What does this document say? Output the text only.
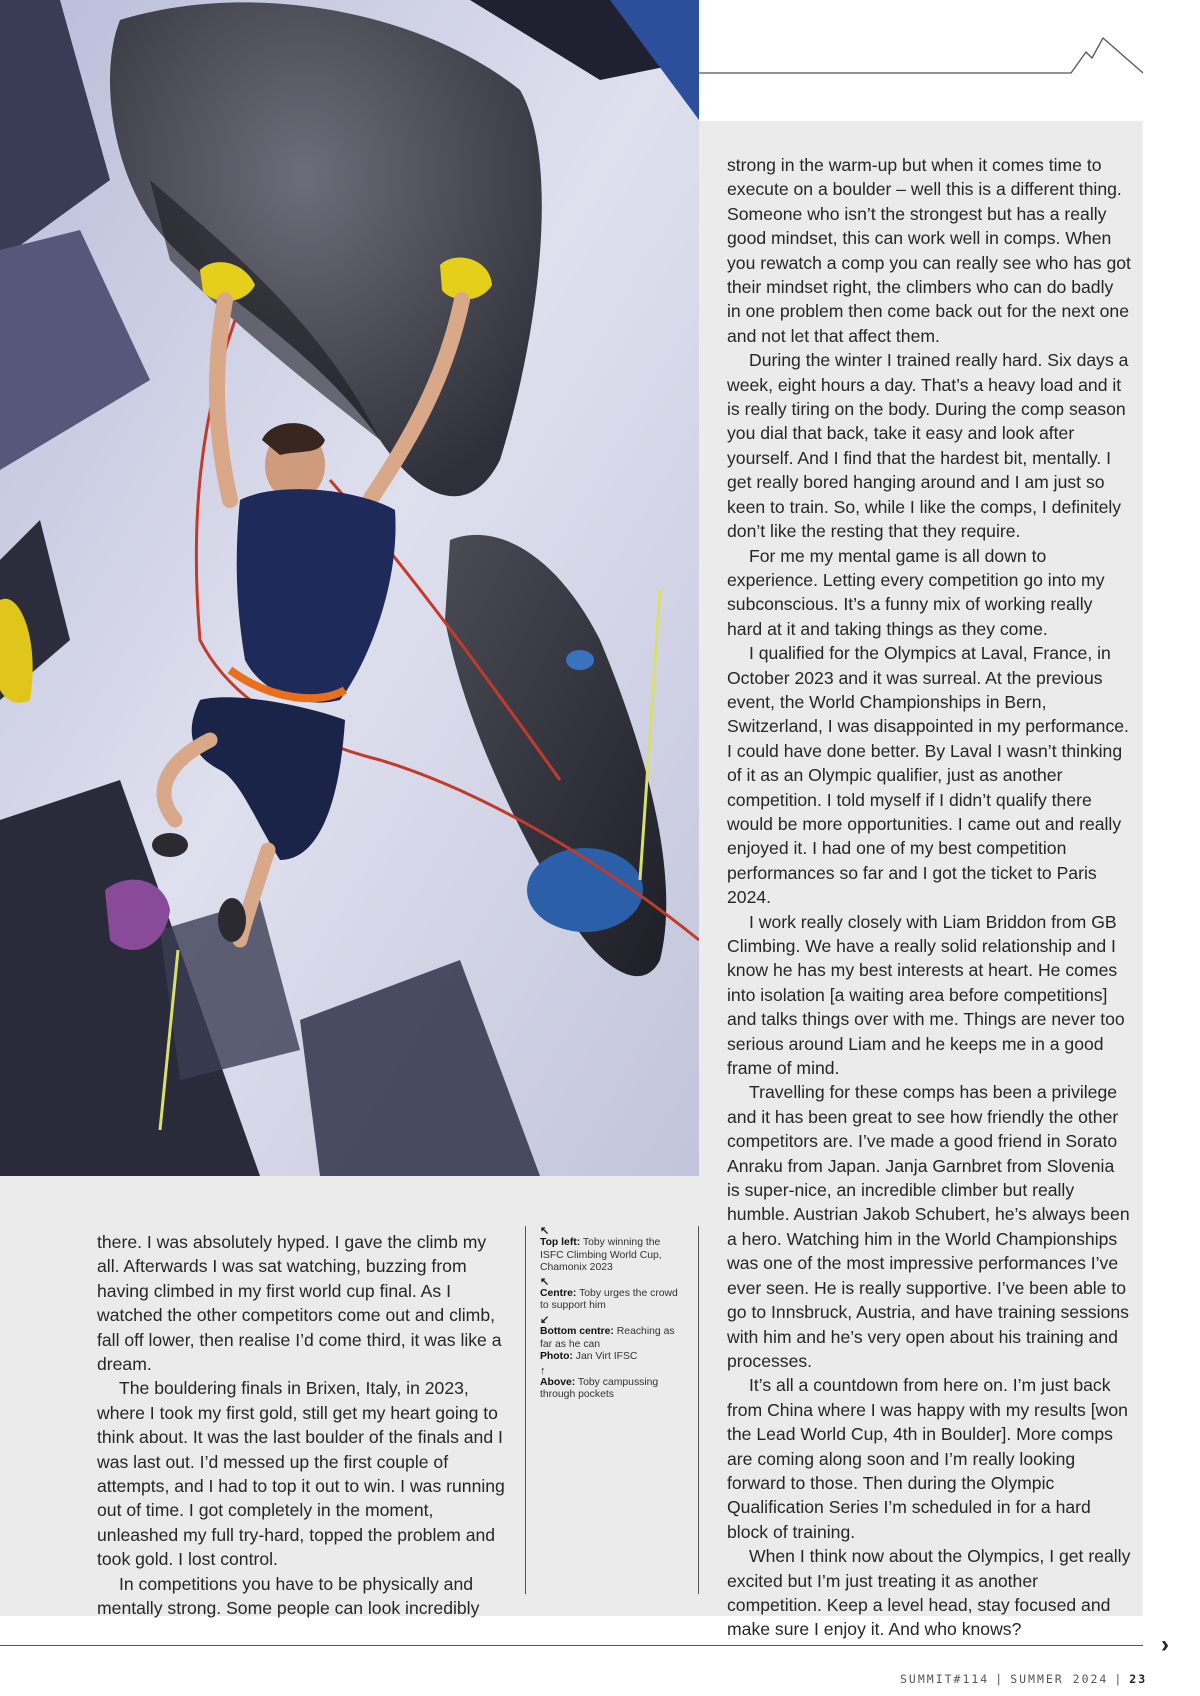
strong in the warm-up but when it comes time to execute on a boulder – well this is a different thing. Someone who isn’t the strongest but has a really good mindset, this can work well in comps. When you rewatch a comp you can really see who has got their mindset right, the climbers who can do badly in one problem then come back out for the next one and not let that affect them.

During the winter I trained really hard. Six days a week, eight hours a day. That’s a heavy load and it is really tiring on the body. During the comp season you dial that back, take it easy and look after yourself. And I find that the hardest bit, mentally. I get really bored hanging around and I am just so keen to train. So, while I like the comps, I definitely don’t like the resting that they require.

For me my mental game is all down to experience. Letting every competition go into my subconscious. It’s a funny mix of working really hard at it and taking things as they come.

I qualified for the Olympics at Laval, France, in October 2023 and it was surreal. At the previous event, the World Championships in Bern, Switzerland, I was disappointed in my performance. I could have done better. By Laval I wasn’t thinking of it as an Olympic qualifier, just as another competition. I told myself if I didn’t qualify there would be more opportunities. I came out and really enjoyed it. I had one of my best competition performances so far and I got the ticket to Paris 2024.

I work really closely with Liam Briddon from GB Climbing. We have a really solid relationship and I know he has my best interests at heart. He comes into isolation [a waiting area before competitions] and talks things over with me. Things are never too serious around Liam and he keeps me in a good frame of mind.

Travelling for these comps has been a privilege and it has been great to see how friendly the other competitors are. I’ve made a good friend in Sorato Anraku from Japan. Janja Garnbret from Slovenia is super-nice, an incredible climber but really humble. Austrian Jakob Schubert, he’s always been a hero. Watching him in the World Championships was one of the most impressive performances I’ve ever seen. He is really supportive. I’ve been able to go to Innsbruck, Austria, and have training sessions with him and he’s very open about his training and processes.

It’s all a countdown from here on. I’m just back from China where I was happy with my results [won the Lead World Cup, 4th in Boulder]. More comps are coming along soon and I’m really looking forward to those. Then during the Olympic Qualification Series I’m scheduled in for a hard block of training.

When I think now about the Olympics, I get really excited but I’m just treating it as another competition. Keep a level head, stay focused and make sure I enjoy it. And who knows?

there. I was absolutely hyped. I gave the climb my all. Afterwards I was sat watching, buzzing from having climbed in my first world cup final. As I watched the other competitors come out and climb, fall off lower, then realise I’d come third, it was like a dream.

The bouldering finals in Brixen, Italy, in 2023, where I took my first gold, still get my heart going to think about. It was the last boulder of the finals and I was last out. I’d messed up the first couple of attempts, and I had to top it out to win. I was running out of time. I got completely in the moment, unleashed my full try-hard, topped the problem and took gold. I lost control.

In competitions you have to be physically and mentally strong. Some people can look incredibly

↖
Top left: Toby winning the ISFC Climbing World Cup, Chamonix 2023
↖
Centre: Toby urges the crowd to support him
↙
Bottom centre: Reaching as far as he can
Photo: Jan Virt IFSC
↑
Above: Toby campussing through pockets
›
SUMMIT#114 | SUMMER 2024 | 23
